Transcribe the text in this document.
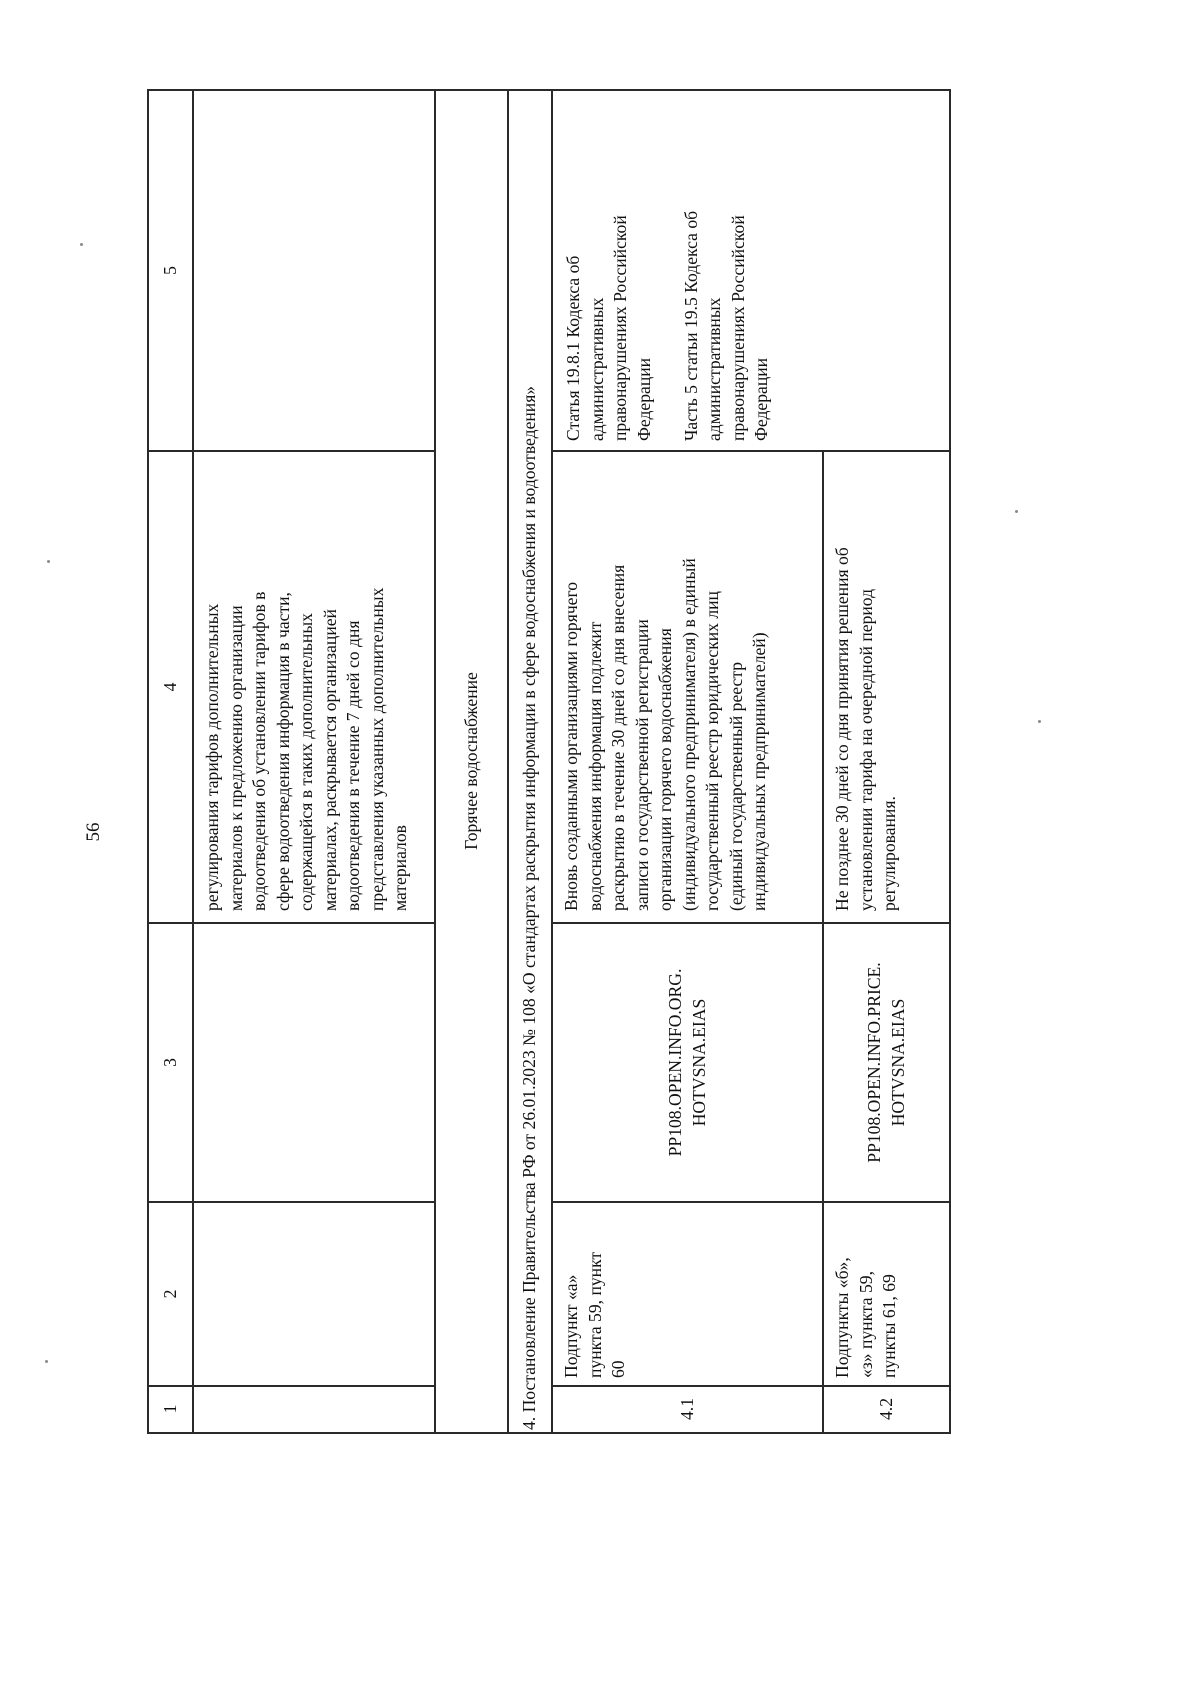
56
1
2
3
4
5
регулирования тарифов дополнительных
материалов к предложению организации
водоотведения об установлении тарифов в
сфере водоотведения информация в части,
содержащейся в таких дополнительных
материалах, раскрывается организацией
водоотведения в течение 7 дней со дня
представления указанных дополнительных
материалов
Горячее водоснабжение	4. Постановление Правительства РФ от 26.01.2023 № 108 «О стандартах раскрытия информации в сфере водоснабжения и водоотведения»	4.1
Подпункт «а»
пункта 59, пункт
60
PP108.OPEN.INFO.ORG.
HOTVSNA.EIAS
Вновь созданными организациями горячего
водоснабжения информация подлежит
раскрытию в течение 30 дней со дня внесения
записи о государственной регистрации
организации горячего водоснабжения
(индивидуального предпринимателя) в единый
государственный реестр юридических лиц
(единый государственный реестр
индивидуальных предпринимателей)
Статья 19.8.1 Кодекса об
административных
правонарушениях Российской
Федерации

Часть 5 статьи 19.5 Кодекса об
административных
правонарушениях Российской
Федерации
4.2
Подпункты «б»,
«з» пункта 59,
пункты 61, 69
PP108.OPEN.INFO.PRICE.
HOTVSNA.EIAS
Не позднее 30 дней со дня принятия решения об
установлении тарифа на очередной период
регулирования.
